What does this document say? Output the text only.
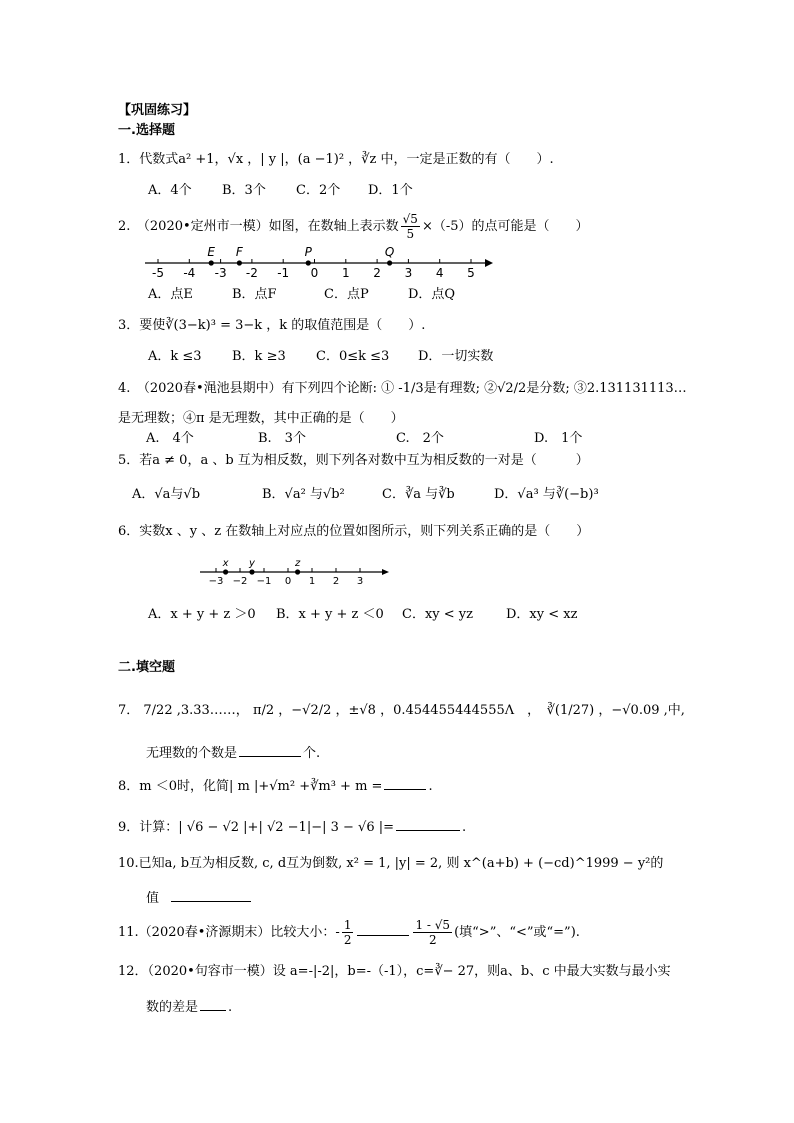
【巩固练习】
一.选择题
1．代数式a² +1，√x ，| y |，(a −1)² ，∛z 中，一定是正数的有（　　）.
A．4个 B．3个 C．2个 D．1个
2.　（2020•定州市一模）如图，在数轴上表示数 $\frac{√5}{5} \times(-5)$的点可能是（　　）
-5 -4 -3 -2 -1 0 1 2 3 4 5
E F	P	Q
A．点E	B．点F	C．点P	D．点Q
3．要使∛(3−k)³ = 3−k ，k 的取值范围是（　　）.
A．k ≤3 B．k ≥3 C．0≤k ≤3 D．一切实数
4.　（2020春•渑池县期中）有下列四个论断: ① -1/3是有理数; ②√2/2是分数; ③2.131131113…
是无理数；④π 是无理数，其中正确的是（　　）
A.　4个	B.　3个	C.　2个	D.　1个
5．若a ≠ 0，a 、b 互为相反数，则下列各对数中互为相反数的一对是（　　　）
A．√a与√b	B．√a² 与√b²	C．∛a 与∛b	D．√a³ 与∛(−b)³
6．实数x 、y 、z 在数轴上对应点的位置如图所示，则下列关系正确的是（　　）
−3 −2 −1 0 1 2 3
x y	z
A．x + y + z ＞0 B．x + y + z ＜0 C．xy < yz	D．xy < xz
二.填空题
7． 7/22 ,3.33……， π/2 ，−√2/2 ，±√8 ，0.454455444555Λ　，　∛(1/27) ，−√0.09 ,中,
无理数的个数是	个.
8．m ＜0时，化简| m |+√m² +∛m³ + m =	.
9．计算：| √6 − √2 |+| √2 −1|−| 3 − √6 |=	.
10.已知a, b互为相反数, c, d互为倒数, x² = 1, |y| = 2, 则 x^(a+b) + (−cd)^1999 − y²的
值
11.（2020春•济源期末）比较大小：- $\frac{1}{2}$	$\frac{1 - √5}{2}$ (填“>”、“<”或“=”).
12．（2020•句容市一模）设 a=-|-2|，b=-（-1），c=∛− 27，则a、b、c 中最大实数与最小实
数的差是 .
